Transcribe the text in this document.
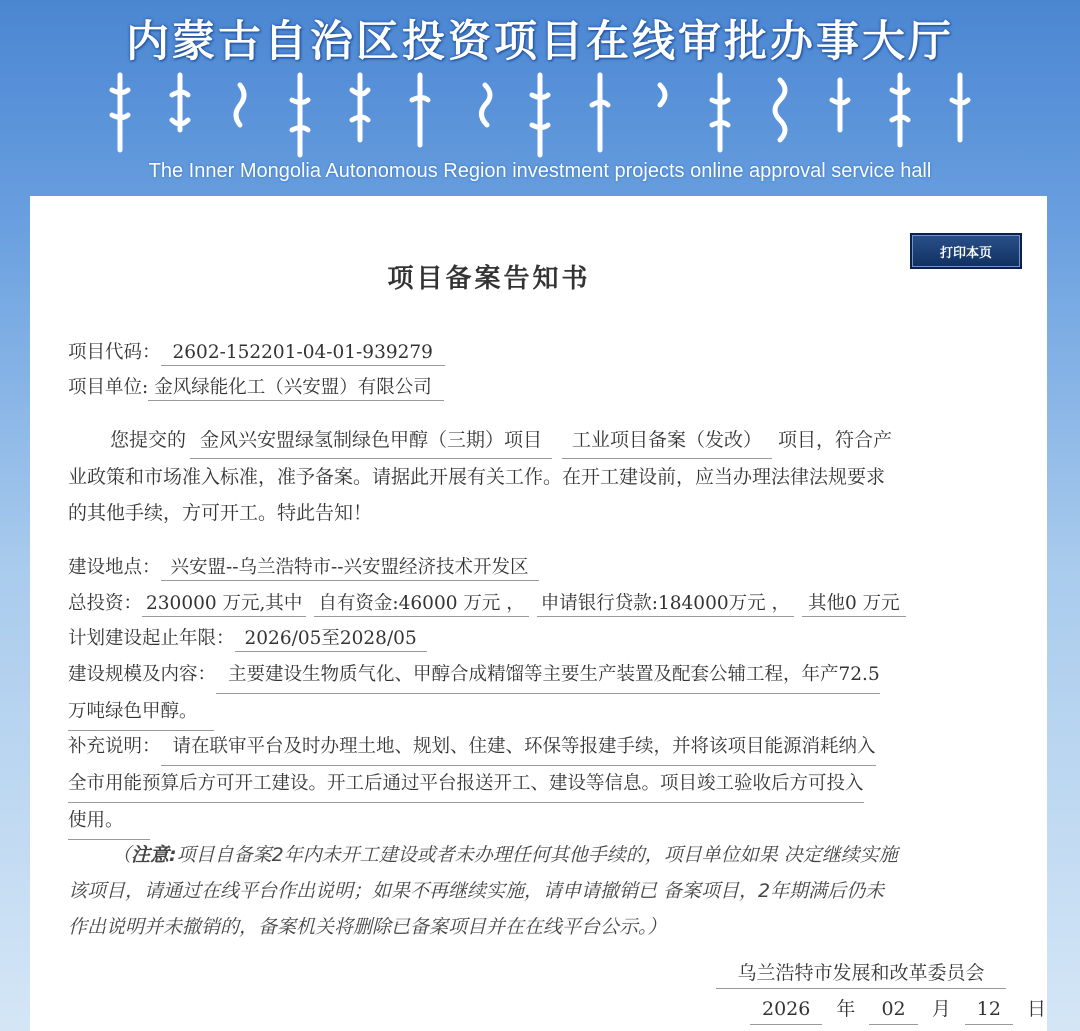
内蒙古自治区投资项目在线审批办事大厅
The Inner Mongolia Autonomous Region investment projects online approval service hall
打印本页
项目备案告知书
项目代码： 2602-152201-04-01-939279
项目单位: 金风绿能化工（兴安盟）有限公司
您提交的 金风兴安盟绿氢制绿色甲醇（三期）项目 工业项目备案（发改） 项目，符合产
业政策和市场准入标准，准予备案。请据此开展有关工作。在开工建设前，应当办理法律法规要求
的其他手续，方可开工。特此告知！
建设地点： 兴安盟--乌兰浩特市--兴安盟经济技术开发区
总投资： 230000 万元,其中 自有资金:46000 万元 ， 申请银行贷款:184000万元 ， 其他0 万元
计划建设起止年限： 2026/05至2028/05
建设规模及内容： 主要建设生物质气化、甲醇合成精馏等主要生产装置及配套公辅工程，年产72.5
万吨绿色甲醇。
补充说明： 请在联审平台及时办理土地、规划、住建、环保等报建手续，并将该项目能源消耗纳入
全市用能预算后方可开工建设。开工后通过平台报送开工、建设等信息。项目竣工验收后方可投入
使用。
（注意:项目自备案2年内未开工建设或者未办理任何其他手续的，项目单位如果 决定继续实施
该项目，请通过在线平台作出说明；如果不再继续实施，请申请撤销已 备案项目，2年期满后仍未
作出说明并未撤销的，备案机关将删除已备案项目并在在线平台公示。）
乌兰浩特市发展和改革委员会
2026 年 02 月 12 日
